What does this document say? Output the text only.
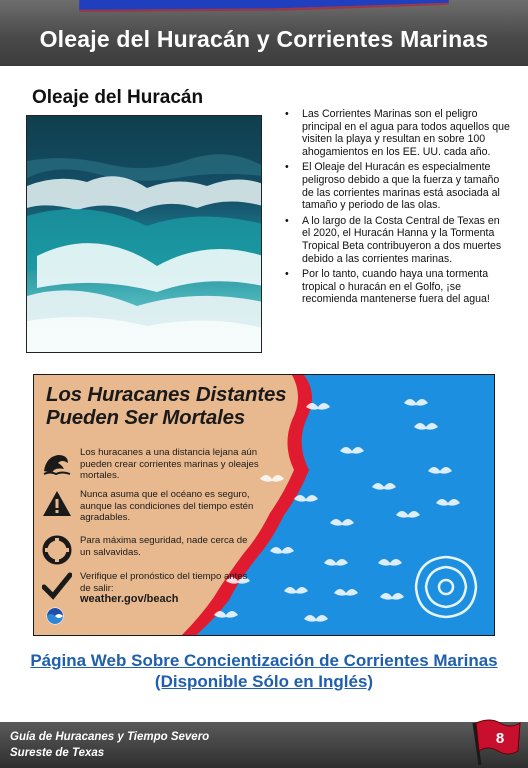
Oleaje del Huracán y Corrientes Marinas
Oleaje del Huracán
• Las Corrientes Marinas son el peligro principal en el agua para todos aquellos que visiten la playa y resultan en sobre 100 ahogamientos en los EE. UU. cada año.
• El Oleaje del Huracán es especialmente peligroso debido a que la fuerza y tamaño de las corrientes marinas está asociada al tamaño y periodo de las olas.
• A lo largo de la Costa Central de Texas en el 2020, el Huracán Hanna y la Tormenta Tropical Beta contribuyeron a dos muertes debido a las corrientes marinas.
• Por lo tanto, cuando haya una tormenta tropical o huracán en el Golfo, ¡se recomienda mantenerse fuera del agua!
Los Huracanes Distantes Pueden Ser Mortales
Los huracanes a una distancia lejana aún pueden crear corrientes marinas y oleajes mortales.
Nunca asuma que el océano es seguro, aunque las condiciones del tiempo estén agradables.
Para máxima seguridad, nade cerca de un salvavidas.
Verifique el pronóstico del tiempo antes de salir:
weather.gov/beach
Página Web Sobre Concientización de Corrientes Marinas (Disponible Sólo en Inglés)
Guía de Huracanes y Tiempo Severo
Sureste de Texas
8
